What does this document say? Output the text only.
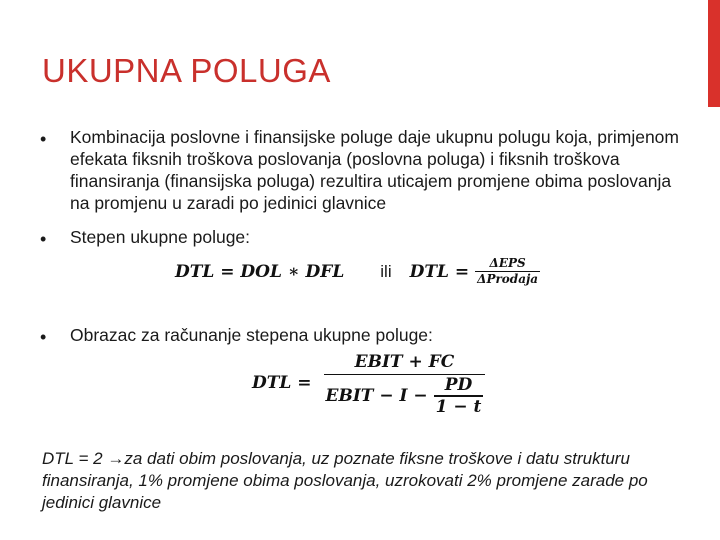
UKUPNA POLUGA
• Kombinacija poslovne i finansijske poluge daje ukupnu polugu koja, primjenom efekata fiksnih troškova poslovanja (poslovna poluga) i fiksnih troškova finansiranja (finansijska poluga) rezultira uticajem promjene obima poslovanja na promjenu u zaradi po jedinici glavnice
• Stepen ukupne poluge:
DTL = DOL ∗ DFL ili DTL = $\frac{\text{ΔEPS}}{\text{ΔProdaja}}$
• Obrazac za računanje stepena ukupne poluge:
DTL = $\frac{\text{EBIT + FC}}{EBIT - I - \frac{PD}{1 - t}}$
DTL = 2 →za dati obim poslovanja, uz poznate fiksne troškove i datu strukturu finansiranja, 1% promjene obima poslovanja, uzrokovati 2% promjene zarade po jedinici glavnice
